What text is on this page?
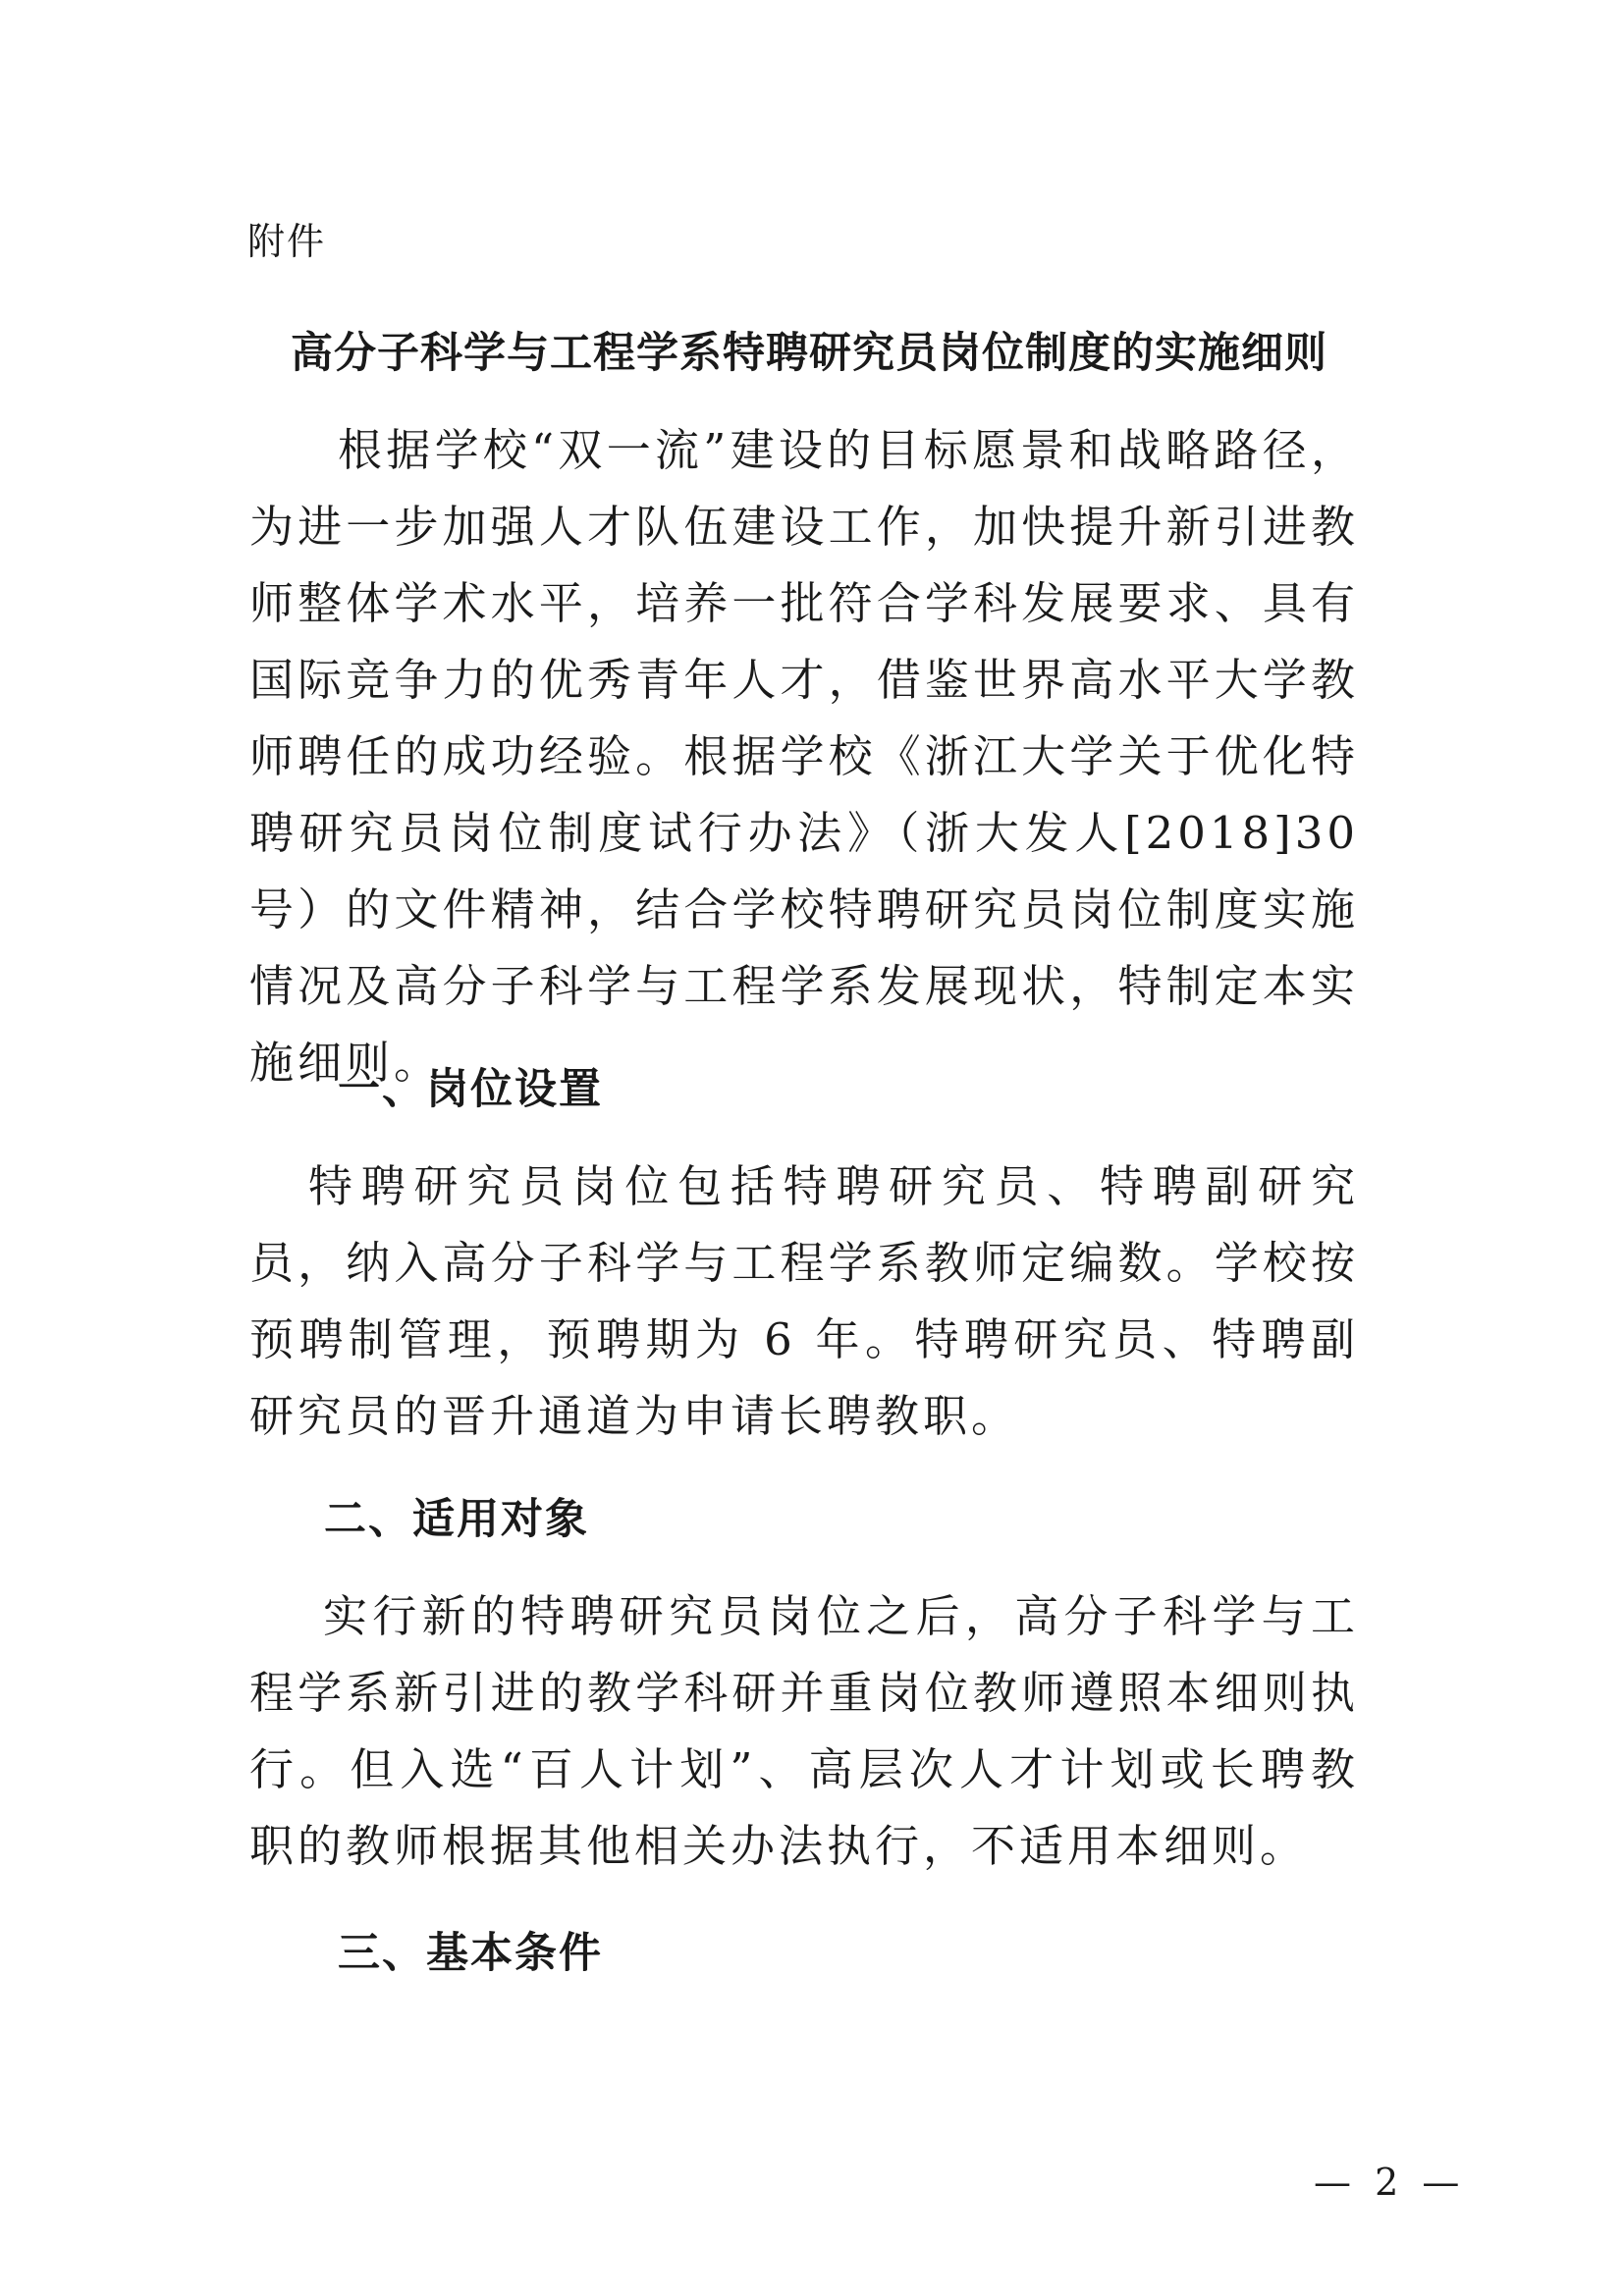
附件
高分子科学与工程学系特聘研究员岗位制度的实施细则

根据学校“双一流”建设的目标愿景和战略路径，为进一步加强人才队伍建设工作，加快提升新引进教师整体学术水平，培养一批符合学科发展要求、具有国际竞争力的优秀青年人才，借鉴世界高水平大学教师聘任的成功经验。根据学校《浙江大学关于优化特聘研究员岗位制度试行办法》（浙大发人[2018]30 号）的文件精神，结合学校特聘研究员岗位制度实施情况及高分子科学与工程学系发展现状，特制定本实施细则。

一、岗位设置

特聘研究员岗位包括特聘研究员、特聘副研究员，纳入高分子科学与工程学系教师定编数。学校按预聘制管理，预聘期为 6 年。特聘研究员、特聘副研究员的晋升通道为申请长聘教职。

二、适用对象

实行新的特聘研究员岗位之后，高分子科学与工程学系新引进的教学科研并重岗位教师遵照本细则执行。但入选“百人计划”、高层次人才计划或长聘教职的教师根据其他相关办法执行，不适用本细则。

三、基本条件
— 2 —
